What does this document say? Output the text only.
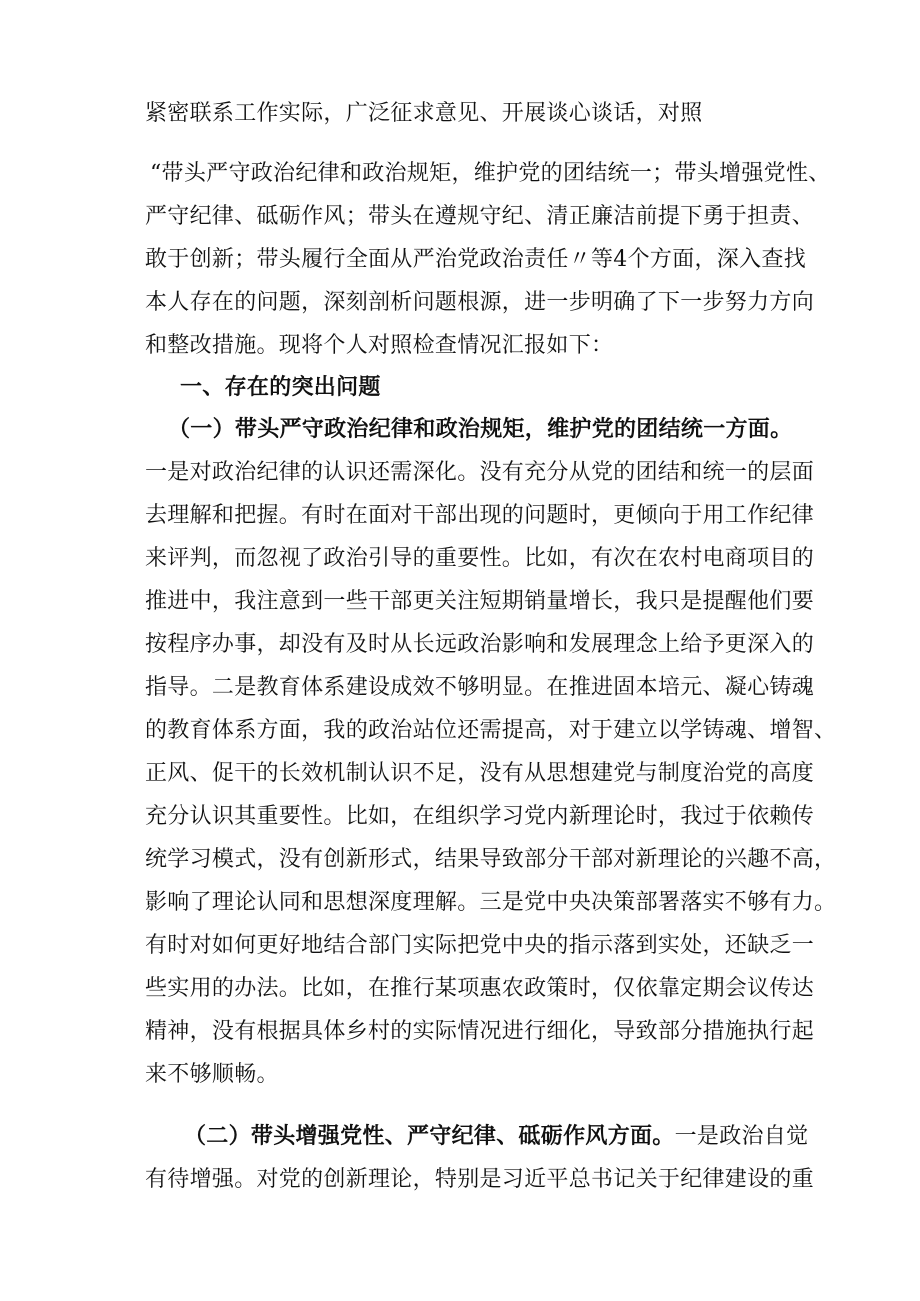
紧密联系工作实际，广泛征求意见、开展谈心谈话，对照
“带头严守政治纪律和政治规矩，维护党的团结统一；带头增强党性、
严守纪律、砥砺作风；带头在遵规守纪、清正廉洁前提下勇于担责、
敢于创新；带头履行全面从严治党政治责任〃等4个方面，深入查找
本人存在的问题，深刻剖析问题根源，进一步明确了下一步努力方向
和整改措施。现将个人对照检查情况汇报如下：
一、存在的突出问题
（一）带头严守政治纪律和政治规矩，维护党的团结统一方面。
一是对政治纪律的认识还需深化。没有充分从党的团结和统一的层面
去理解和把握。有时在面对干部出现的问题时，更倾向于用工作纪律
来评判，而忽视了政治引导的重要性。比如，有次在农村电商项目的
推进中，我注意到一些干部更关注短期销量增长，我只是提醒他们要
按程序办事，却没有及时从长远政治影响和发展理念上给予更深入的
指导。二是教育体系建设成效不够明显。在推进固本培元、凝心铸魂
的教育体系方面，我的政治站位还需提高，对于建立以学铸魂、增智、
正风、促干的长效机制认识不足，没有从思想建党与制度治党的高度
充分认识其重要性。比如，在组织学习党内新理论时，我过于依赖传
统学习模式，没有创新形式，结果导致部分干部对新理论的兴趣不高，
影响了理论认同和思想深度理解。三是党中央决策部署落实不够有力。
有时对如何更好地结合部门实际把党中央的指示落到实处，还缺乏一
些实用的办法。比如，在推行某项惠农政策时，仅依靠定期会议传达
精神，没有根据具体乡村的实际情况进行细化，导致部分措施执行起
来不够顺畅。
（二）带头增强党性、严守纪律、砥砺作风方面。一是政治自觉
有待增强。对党的创新理论，特别是习近平总书记关于纪律建设的重
